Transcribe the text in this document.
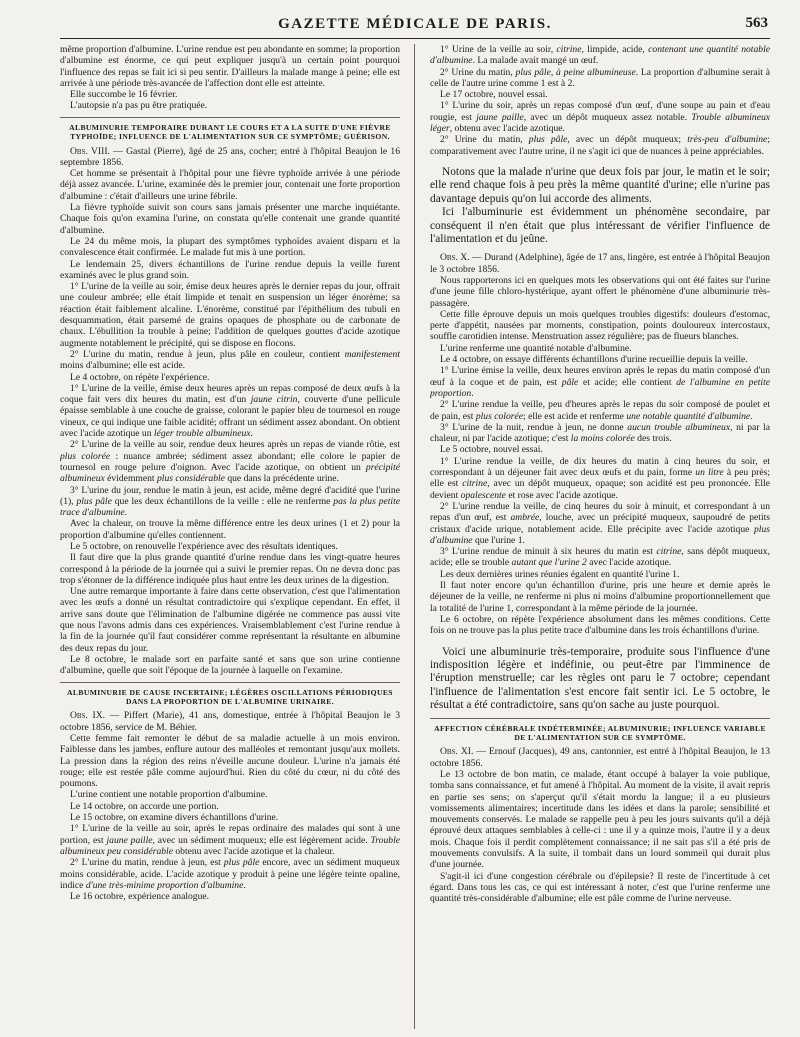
GAZETTE MÉDICALE DE PARIS.	563

même proportion d'albumine. L'urine rendue est peu abondante en somme; la proportion d'albumine est énorme, ce qui peut expliquer jusqu'à un certain point pourquoi l'influence des repas se fait ici si peu sentir. D'ailleurs la malade mange à peine; elle est arrivée à une période très-avancée de l'affection dont elle est atteinte.

Elle succombe le 16 février.

L'autopsie n'a pas pu être pratiquée.

ALBUMINURIE TEMPORAIRE DURANT LE COURS ET A LA SUITE D'UNE FIÈVRE TYPHOÏDE; INFLUENCE DE L'ALIMENTATION SUR CE SYMPTÔME; GUÉRISON.

Obs. VIII. — Gastal (Pierre), âgé de 25 ans, cocher; entré à l'hôpital Beaujon le 16 septembre 1856.

Cet homme se présentait à l'hôpital pour une fièvre typhoïde arrivée à une période déjà assez avancée. L'urine, examinée dès le premier jour, contenait une forte proportion d'albumine : c'était d'ailleurs une urine fébrile.

La fièvre typhoïde suivit son cours sans jamais présenter une marche inquiétante. Chaque fois qu'on examina l'urine, on constata qu'elle contenait une grande quantité d'albumine.

Le 24 du même mois, la plupart des symptômes typhoïdes avaient disparu et la convalescence était confirmée. Le malade fut mis à une portion.

Le lendemain 25, divers échantillons de l'urine rendue depuis la veille furent examinés avec le plus grand soin.

1° L'urine de la veille au soir, émise deux heures après le dernier repas du jour, offrait une couleur ambrée; elle était limpide et tenait en suspension un léger énorème; sa réaction était faiblement alcaline. L'énorème, constitué par l'épithélium des tubuli en desquammation, était parsemé de grains opaques de phosphate ou de carbonate de chaux. L'ébullition la trouble à peine; l'addition de quelques gouttes d'acide azotique augmente notablement le précipité, qui se dispose en flocons.

2° L'urine du matin, rendue à jeun, plus pâle en couleur, contient manifestement moins d'albumine; elle est acide.

Le 4 octobre, on répète l'expérience.

1° L'urine de la veille, émise deux heures après un repas composé de deux œufs à la coque fait vers dix heures du matin, est d'un jaune citrin, couverte d'une pellicule épaisse semblable à une couche de graisse, colorant le papier bleu de tournesol en rouge vineux, ce qui indique une faible acidité; offrant un sédiment assez abondant. On obtient avec l'acide azotique un léger trouble albumineux.

2° L'urine de la veille au soir, rendue deux heures après un repas de viande rôtie, est plus colorée : nuance ambrée; sédiment assez abondant; elle colore le papier de tournesol en rouge pelure d'oignon. Avec l'acide azotique, on obtient un précipité albumineux évidemment plus considérable que dans la précédente urine.

3° L'urine du jour, rendue le matin à jeun, est acide, même degré d'acidité que l'urine (1), plus pâle que les deux échantillons de la veille : elle ne renferme pas la plus petite trace d'albumine.

Avec la chaleur, on trouve la même différence entre les deux urines (1 et 2) pour la proportion d'albumine qu'elles contiennent.

Le 5 octobre, on renouvelle l'expérience avec des résultats identiques.

Il faut dire que la plus grande quantité d'urine rendue dans les vingt-quatre heures correspond à la période de la journée qui a suivi le premier repas. On ne devra donc pas trop s'étonner de la différence indiquée plus haut entre les deux urines de la digestion.

Une autre remarque importante à faire dans cette observation, c'est que l'alimentation avec les œufs a donné un résultat contradictoire qui s'explique cependant. En effet, il arrive sans doute que l'élimination de l'albumine digérée ne commence pas aussi vite que nous l'avons admis dans ces expériences. Vraisemblablement c'est l'urine rendue à la fin de la journée qu'il faut considérer comme représentant la résultante en albumine des deux repas du jour.

Le 8 octobre, le malade sort en parfaite santé et sans que son urine contienne d'albumine, quelle que soit l'époque de la journée à laquelle on l'examine.

ALBUMINURIE DE CAUSE INCERTAINE; LÉGÈRES OSCILLATIONS PÉRIODIQUES DANS LA PROPORTION DE L'ALBUMINE URINAIRE.

Obs. IX. — Piffert (Marie), 41 ans, domestique, entrée à l'hôpital Beaujon le 3 octobre 1856, service de M. Béhier.

Cette femme fait remonter le début de sa maladie actuelle à un mois environ. Faiblesse dans les jambes, enflure autour des malléoles et remontant jusqu'aux mollets. La pression dans la région des reins n'éveille aucune douleur. L'urine n'a jamais été rouge; elle est restée pâle comme aujourd'hui. Rien du côté du cœur, ni du côté des poumons.

L'urine contient une notable proportion d'albumine.

Le 14 octobre, on accorde une portion.

Le 15 octobre, on examine divers échantillons d'urine.

1° L'urine de la veille au soir, après le repas ordinaire des malades qui sont à une portion, est jaune paille, avec un sédiment muqueux; elle est légèrement acide. Trouble albumineux peu considérable obtenu avec l'acide azotique et la chaleur.

2° L'urine du matin, rendue à jeun, est plus pâle encore, avec un sédiment muqueux moins considérable, acide. L'acide azotique y produit à peine une légère teinte opaline, indice d'une très-minime proportion d'albumine.

Le 16 octobre, expérience analogue.

1° Urine de la veille au soir, citrine, limpide, acide, contenant une quantité notable d'albumine. La malade avait mangé un œuf.

2° Urine du matin, plus pâle, à peine albumineuse. La proportion d'albumine serait à celle de l'autre urine comme 1 est à 2.

Le 17 octobre, nouvel essai.

1° L'urine du soir, après un repas composé d'un œuf, d'une soupe au pain et d'eau rougie, est jaune paille, avec un dépôt muqueux assez notable. Trouble albumineux léger, obtenu avec l'acide azotique.

2° Urine du matin, plus pâle, avec un dépôt muqueux; très-peu d'albumine; comparativement avec l'autre urine, il ne s'agit ici que de nuances à peine appréciables.

Notons que la malade n'urine que deux fois par jour, le matin et le soir; elle rend chaque fois à peu près la même quantité d'urine; elle n'urine pas davantage depuis qu'on lui accorde des aliments.

Ici l'albuminurie est évidemment un phénomène secondaire, par conséquent il n'en était que plus intéressant de vérifier l'influence de l'alimentation et du jeûne.

Obs. X. — Durand (Adelphine), âgée de 17 ans, lingère, est entrée à l'hôpital Beaujon le 3 octobre 1856.

Nous rapporterons ici en quelques mots les observations qui ont été faites sur l'urine d'une jeune fille chloro-hystérique, ayant offert le phénomène d'une albuminurie très-passagère.

Cette fille éprouve depuis un mois quelques troubles digestifs: douleurs d'estomac, perte d'appétit, nausées par moments, constipation, points douloureux intercostaux, souffle carotidien intense. Menstruation assez régulière; pas de flueurs blanches.

L'urine renferme une quantité notable d'albumine.

Le 4 octobre, on essaye différents échantillons d'urine recueillie depuis la veille.

1° L'urine émise la veille, deux heures environ après le repas du matin composé d'un œuf à la coque et de pain, est pâle et acide; elle contient de l'albumine en petite proportion.

2° L'urine rendue la veille, peu d'heures après le repas du soir composé de poulet et de pain, est plus colorée; elle est acide et renferme une notable quantité d'albumine.

3° L'urine de la nuit, rendue à jeun, ne donne aucun trouble albumineux, ni par la chaleur, ni par l'acide azotique; c'est la moins colorée des trois.

Le 5 octobre, nouvel essai.

1° L'urine rendue la veille, de dix heures du matin à cinq heures du soir, et correspondant à un déjeuner fait avec deux œufs et du pain, forme un litre à peu près; elle est citrine, avec un dépôt muqueux, opaque; son acidité est peu prononcée. Elle devient opalescente et rose avec l'acide azotique.

2° L'urine rendue la veille, de cinq heures du soir à minuit, et correspondant à un repas d'un œuf, est ambrée, louche, avec un précipité muqueux, saupoudré de petits cristaux d'acide urique, notablement acide. Elle précipite avec l'acide azotique plus d'albumine que l'urine 1.

3° L'urine rendue de minuit à six heures du matin est citrine, sans dépôt muqueux, acide; elle se trouble autant que l'urine 2 avec l'acide azotique.

Les deux dernières urines réunies égalent en quantité l'urine 1.

Il faut noter encore qu'un échantillon d'urine, pris une heure et demie après le déjeuner de la veille, ne renferme ni plus ni moins d'albumine proportionnellement que la totalité de l'urine 1, correspondant à la même période de la journée.

Le 6 octobre, on répète l'expérience absolument dans les mêmes conditions. Cette fois on ne trouve pas la plus petite trace d'albumine dans les trois échantillons d'urine.

Voici une albuminurie très-temporaire, produite sous l'influence d'une indisposition légère et indéfinie, ou peut-être par l'imminence de l'éruption menstruelle; car les règles ont paru le 7 octobre; cependant l'influence de l'alimentation s'est encore fait sentir ici. Le 5 octobre, le résultat a été contradictoire, sans qu'on sache au juste pourquoi.

AFFECTION CÉRÉBRALE INDÉTERMINÉE; ALBUMINURIE; INFLUENCE VARIABLE DE L'ALIMENTATION SUR CE SYMPTÔME.

Obs. XI. — Ernouf (Jacques), 49 ans, cantonnier, est entré à l'hôpital Beaujon, le 13 octobre 1856.

Le 13 octobre de bon matin, ce malade, étant occupé à balayer la voie publique, tomba sans connaissance, et fut amené à l'hôpital. Au moment de la visite, il avait repris en partie ses sens; on s'aperçut qu'il s'était mordu la langue; il a eu plusieurs vomissements alimentaires; incertitude dans les idées et dans la parole; sensibilité et mouvements conservés. Le malade se rappelle peu à peu les jours suivants qu'il a déjà éprouvé deux attaques semblables à celle-ci : une il y a quinze mois, l'autre il y a deux mois. Chaque fois il perdit complètement connaissance; il ne sait pas s'il a été pris de mouvements convulsifs. A la suite, il tombait dans un lourd sommeil qui durait plus d'une journée.

S'agit-il ici d'une congestion cérébrale ou d'épilepsie? Il reste de l'incertitude à cet égard. Dans tous les cas, ce qui est intéressant à noter, c'est que l'urine renferme une quantité très-considérable d'albumine; elle est pâle comme de l'urine nerveuse.
